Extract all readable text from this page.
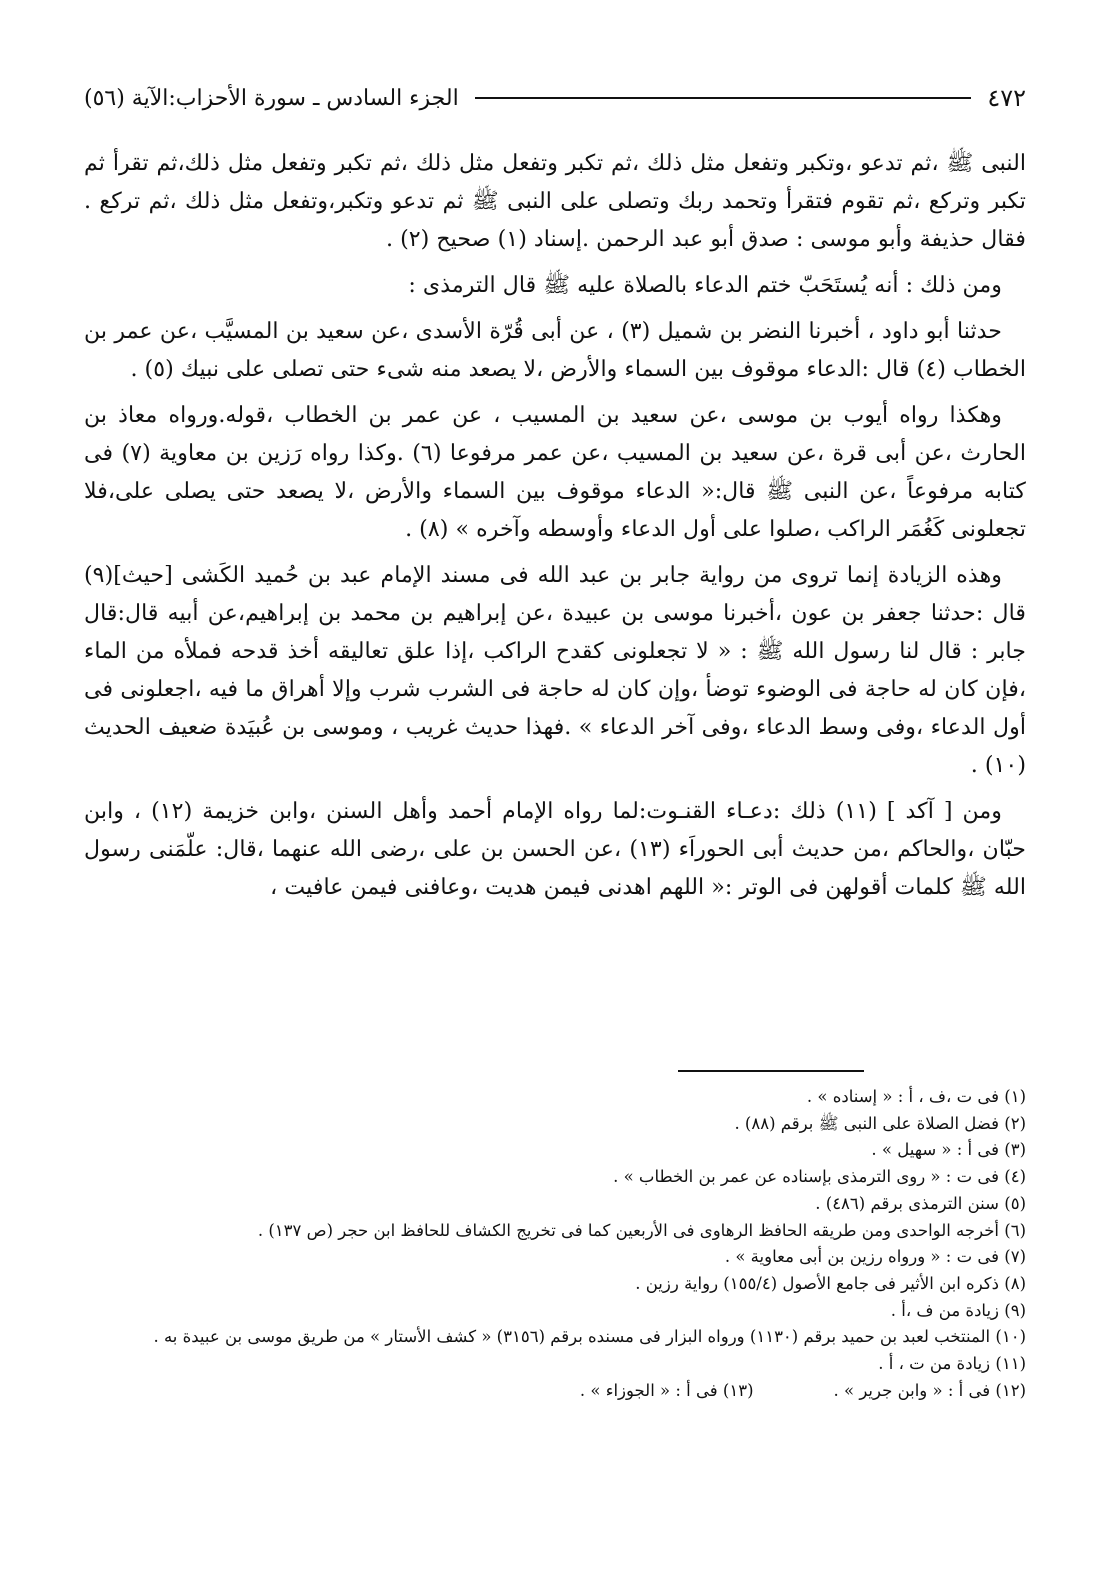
٤٧٢
الجزء السادس ـ سورة الأحزاب:الآية (٥٦)

النبى ﷺ ،ثم تدعو ،وتكبر وتفعل مثل ذلك ،ثم تكبر وتفعل مثل ذلك ،ثم تكبر وتفعل مثل ذلك،ثم تقرأ ثم تكبر وتركع ،ثم تقوم فتقرأ وتحمد ربك وتصلى على النبى ﷺ ثم تدعو وتكبر،وتفعل مثل ذلك ،ثم تركع . فقال حذيفة وأبو موسى : صدق أبو عبد الرحمن .إسناد (١) صحيح (٢) .

ومن ذلك : أنه يُستَحَبّ ختم الدعاء بالصلاة عليه ﷺ قال الترمذى :

حدثنا أبو داود ، أخبرنا النضر بن شميل (٣) ، عن أبى قُرّة الأسدى ،عن سعيد بن المسيَّب ،عن عمر بن الخطاب (٤) قال :الدعاء موقوف بين السماء والأرض ،لا يصعد منه شىء حتى تصلى على نبيك (٥) .

وهكذا رواه أيوب بن موسى ،عن سعيد بن المسيب ، عن عمر بن الخطاب ،قوله.ورواه معاذ بن الحارث ،عن أبى قرة ،عن سعيد بن المسيب ،عن عمر مرفوعا (٦) .وكذا رواه رَزين بن معاوية (٧) فى كتابه مرفوعاً ،عن النبى ﷺ قال:« الدعاء موقوف بين السماء والأرض ،لا يصعد حتى يصلى على،فلا تجعلونى كَغُمَر الراكب ،صلوا على أول الدعاء وأوسطه وآخره » (٨) .

وهذه الزيادة إنما تروى من رواية جابر بن عبد الله فى مسند الإمام عبد بن حُميد الكَشى [حيث](٩) قال :حدثنا جعفر بن عون ،أخبرنا موسى بن عبيدة ،عن إبراهيم بن محمد بن إبراهيم،عن أبيه قال:قال جابر : قال لنا رسول الله ﷺ : « لا تجعلونى كقدح الراكب ،إذا علق تعاليقه أخذ قدحه فملأه من الماء ،فإن كان له حاجة فى الوضوء توضأ ،وإن كان له حاجة فى الشرب شرب وإلا أهراق ما فيه ،اجعلونى فى أول الدعاء ،وفى وسط الدعاء ،وفى آخر الدعاء » .فهذا حديث غريب ، وموسى بن عُبيَدة ضعيف الحديث (١٠) .

ومن [ آكد ] (١١) ذلك :دعـاء القنـوت:لما رواه الإمام أحمد وأهل السنن ،وابن خزيمة (١٢) ، وابن حبّان ،والحاكم ،من حديث أبى الحوراَء (١٣) ،عن الحسن بن على ،رضى الله عنهما ،قال: علّمَنى رسول الله ﷺ كلمات أقولهن فى الوتر :« اللهم اهدنى فيمن هديت ،وعافنى فيمن عافيت ،

(١) فى ت ،ف ، أ : « إسناده » .
(٢) فضل الصلاة على النبى ﷺ برقم (٨٨) .
(٣) فى أ : « سهيل » .
(٤) فى ت : « روى الترمذى بإسناده عن عمر بن الخطاب » .
(٥) سنن الترمذى برقم (٤٨٦) .
(٦) أخرجه الواحدى ومن طريقه الحافظ الرهاوى فى الأربعين كما فى تخريج الكشاف للحافظ ابن حجر (ص ١٣٧) .
(٧) فى ت : « ورواه رزين بن أبى معاوية » .
(٨) ذكره ابن الأثير فى جامع الأصول (١٥٥/٤) رواية رزين .
(٩) زيادة من ف ،أ .
(١٠) المنتخب لعبد بن حميد برقم (١١٣٠) ورواه البزار فى مسنده برقم (٣١٥٦) « كشف الأستار » من طريق موسى بن عبيدة به .
(١١) زيادة من ت ، أ .
(١٢) فى أ : « وابن جرير » .
(١٣) فى أ : « الجوزاء » .
